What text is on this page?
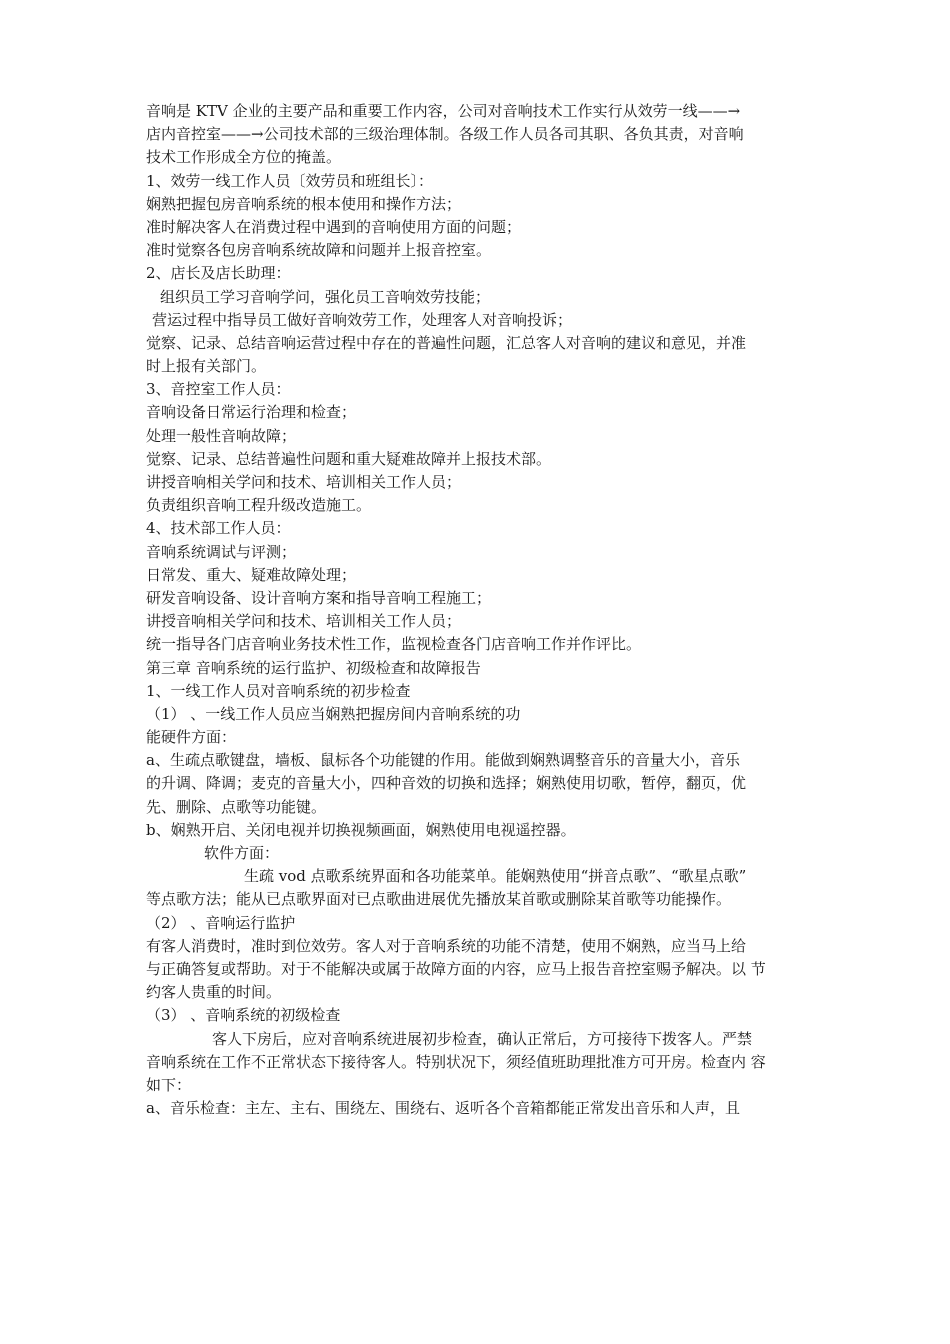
音响是 KTV 企业的主要产品和重要工作内容，公司对音响技术工作实行从效劳一线——→
店内音控室——→公司技术部的三级治理体制。各级工作人员各司其职、各负其责，对音响
技术工作形成全方位的掩盖。
1、效劳一线工作人员〔效劳员和班组长〕：
娴熟把握包房音响系统的根本使用和操作方法；
准时解决客人在消费过程中遇到的音响使用方面的问题；
准时觉察各包房音响系统故障和问题并上报音控室。
2、店长及店长助理：
组织员工学习音响学问，强化员工音响效劳技能；
营运过程中指导员工做好音响效劳工作，处理客人对音响投诉；
觉察、记录、总结音响运营过程中存在的普遍性问题，汇总客人对音响的建议和意见，并准
时上报有关部门。
3、音控室工作人员：
音响设备日常运行治理和检查；
处理一般性音响故障；
觉察、记录、总结普遍性问题和重大疑难故障并上报技术部。
讲授音响相关学问和技术、培训相关工作人员；
负责组织音响工程升级改造施工。
4、技术部工作人员：
音响系统调试与评测；
日常发、重大、疑难故障处理；
研发音响设备、设计音响方案和指导音响工程施工；
讲授音响相关学问和技术、培训相关工作人员；
统一指导各门店音响业务技术性工作，监视检查各门店音响工作并作评比。
第三章 音响系统的运行监护、初级检查和故障报告
1、一线工作人员对音响系统的初步检查
（1） 、一线工作人员应当娴熟把握房间内音响系统的功
能硬件方面：
a、生疏点歌键盘，墙板、鼠标各个功能键的作用。能做到娴熟调整音乐的音量大小，音乐
的升调、降调；麦克的音量大小，四种音效的切换和选择；娴熟使用切歌，暂停，翻页，优
先、删除、点歌等功能键。
b、娴熟开启、关闭电视并切换视频画面，娴熟使用电视遥控器。
软件方面：
生疏 vod 点歌系统界面和各功能菜单。能娴熟使用“拼音点歌”、“歌星点歌”
等点歌方法；能从已点歌界面对已点歌曲进展优先播放某首歌或删除某首歌等功能操作。
（2） 、音响运行监护
有客人消费时，准时到位效劳。客人对于音响系统的功能不清楚，使用不娴熟，应当马上给
与正确答复或帮助。对于不能解决或属于故障方面的内容，应马上报告音控室赐予解决。以 节
约客人贵重的时间。
（3） 、音响系统的初级检查
客人下房后，应对音响系统进展初步检查，确认正常后，方可接待下拨客人。严禁
音响系统在工作不正常状态下接待客人。特别状况下，须经值班助理批准方可开房。检查内 容
如下：
a、音乐检查：主左、主右、围绕左、围绕右、返听各个音箱都能正常发出音乐和人声，且
